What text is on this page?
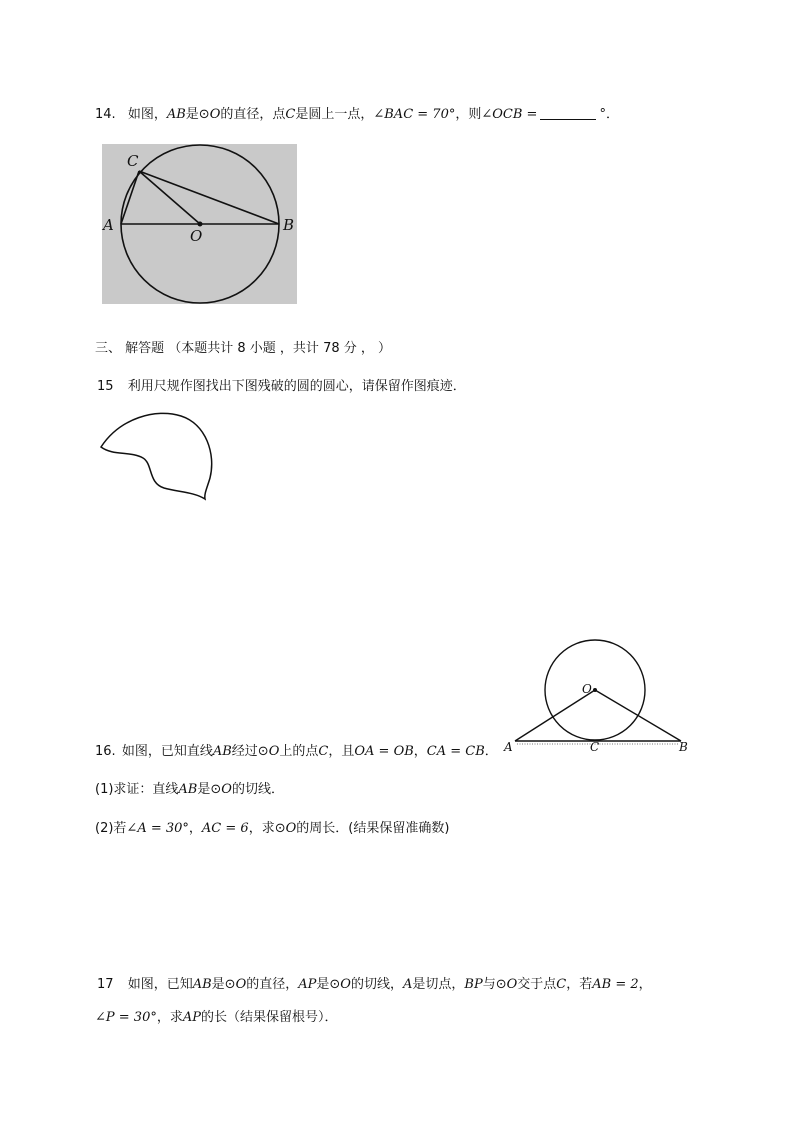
14. 如图，AB是⊙O的直径，点C是圆上一点，∠BAC = 70°，则∠OCB =	°．
C
A	B
O
三、 解答题 （本题共计 8 小题 ，共计 78 分 ， ）
15 利用尺规作图找出下图残破的圆的圆心，请保留作图痕迹．
O
A	B
C
16. 如图，已知直线AB经过⊙O上的点C，且OA = OB，CA = CB．
(1)求证：直线AB是⊙O的切线．
(2)若∠A = 30°，AC = 6，求⊙O的周长．(结果保留准确数)
17 如图，已知AB是⊙O的直径，AP是⊙O的切线，A是切点，BP与⊙O交于点C，若AB = 2，
∠P = 30°，求AP的长（结果保留根号）．
